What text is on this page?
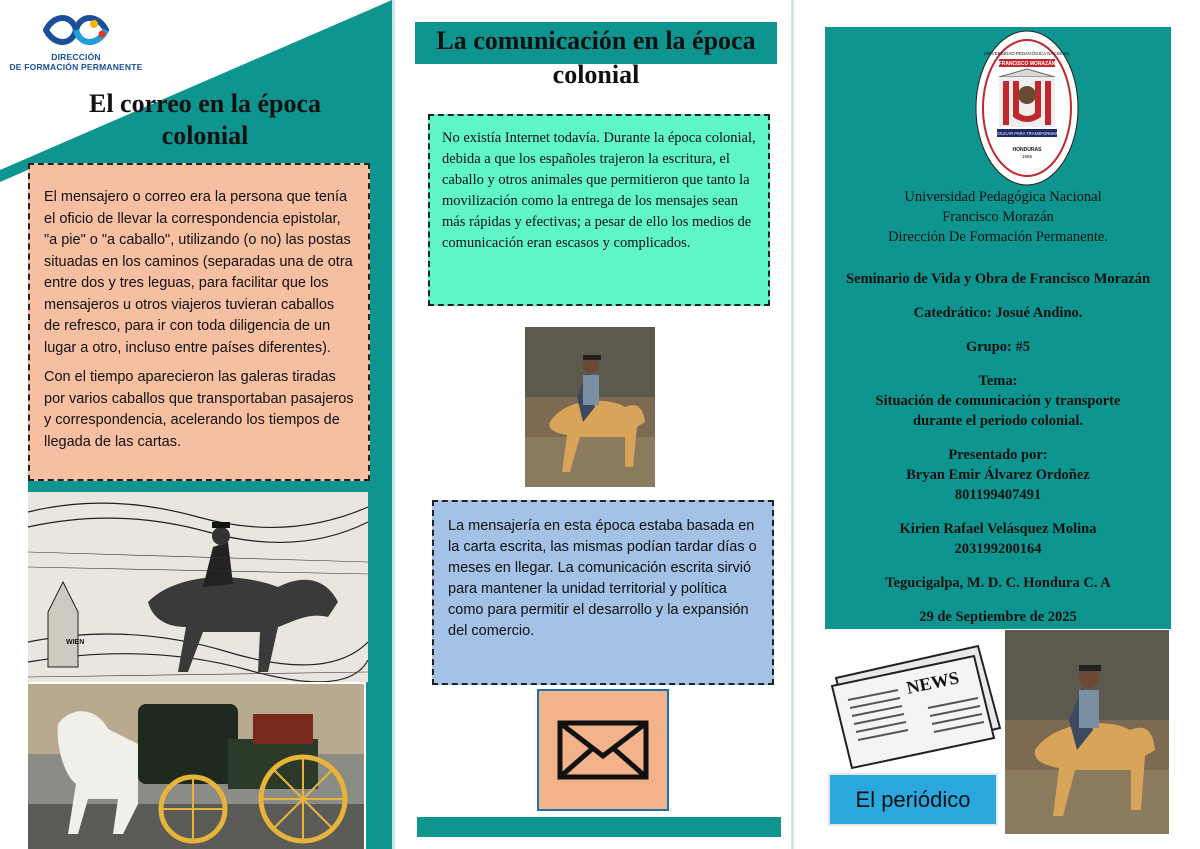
DIRECCIÓN
DE FORMACIÓN PERMANENTE
El correo en la época colonial

El mensajero o correo era la persona que tenía el oficio de llevar la correspondencia epistolar, "a pie" o "a caballo", utilizando (o no) las postas situadas en los caminos (separadas una de otra entre dos y tres leguas, para facilitar que los mensajeros u otros viajeros tuvieran caballos de refresco, para ir con toda diligencia de un lugar a otro, incluso entre países diferentes).

Con el tiempo aparecieron las galeras tiradas por varios caballos que transportaban pasajeros y correspondencia, acelerando los tiempos de llegada de las cartas.

WIEN
La comunicación en la época colonial
No existía Internet todavía. Durante la época colonial, debida a que los españoles trajeron la escritura, el caballo y otros animales que permitieron que tanto la movilización como la entrega de los mensajes sean más rápidas y efectivas; a pesar de ello los medios de comunicación eran escasos y complicados.
La mensajería en esta época estaba basada en la carta escrita, las mismas podían tardar días o meses en llegar. La comunicación escrita sirvió para mantener la unidad territorial y política como para permitir el desarrollo y la expansión del comercio.
UNIVERSIDAD PEDAGÓGICA NACIONAL
FRANCISCO MORAZÁN
EDUCAR PARA TRANSFORMAR
HONDURAS
1956
Universidad Pedagógica Nacional
Francisco Morazán
Dirección De Formación Permanente.
Seminario de Vida y Obra de Francisco Morazán
Catedrático: Josué Andino.
Grupo: #5
Tema:
Situación de comunicación y transporte durante el periodo colonial.
Presentado por:
Bryan Emir Álvarez Ordoñez
801199407491
Kirien Rafael Velásquez Molina
203199200164
Tegucigalpa, M. D. C. Hondura C. A
29 de Septiembre de 2025
NEWS
El periódico
